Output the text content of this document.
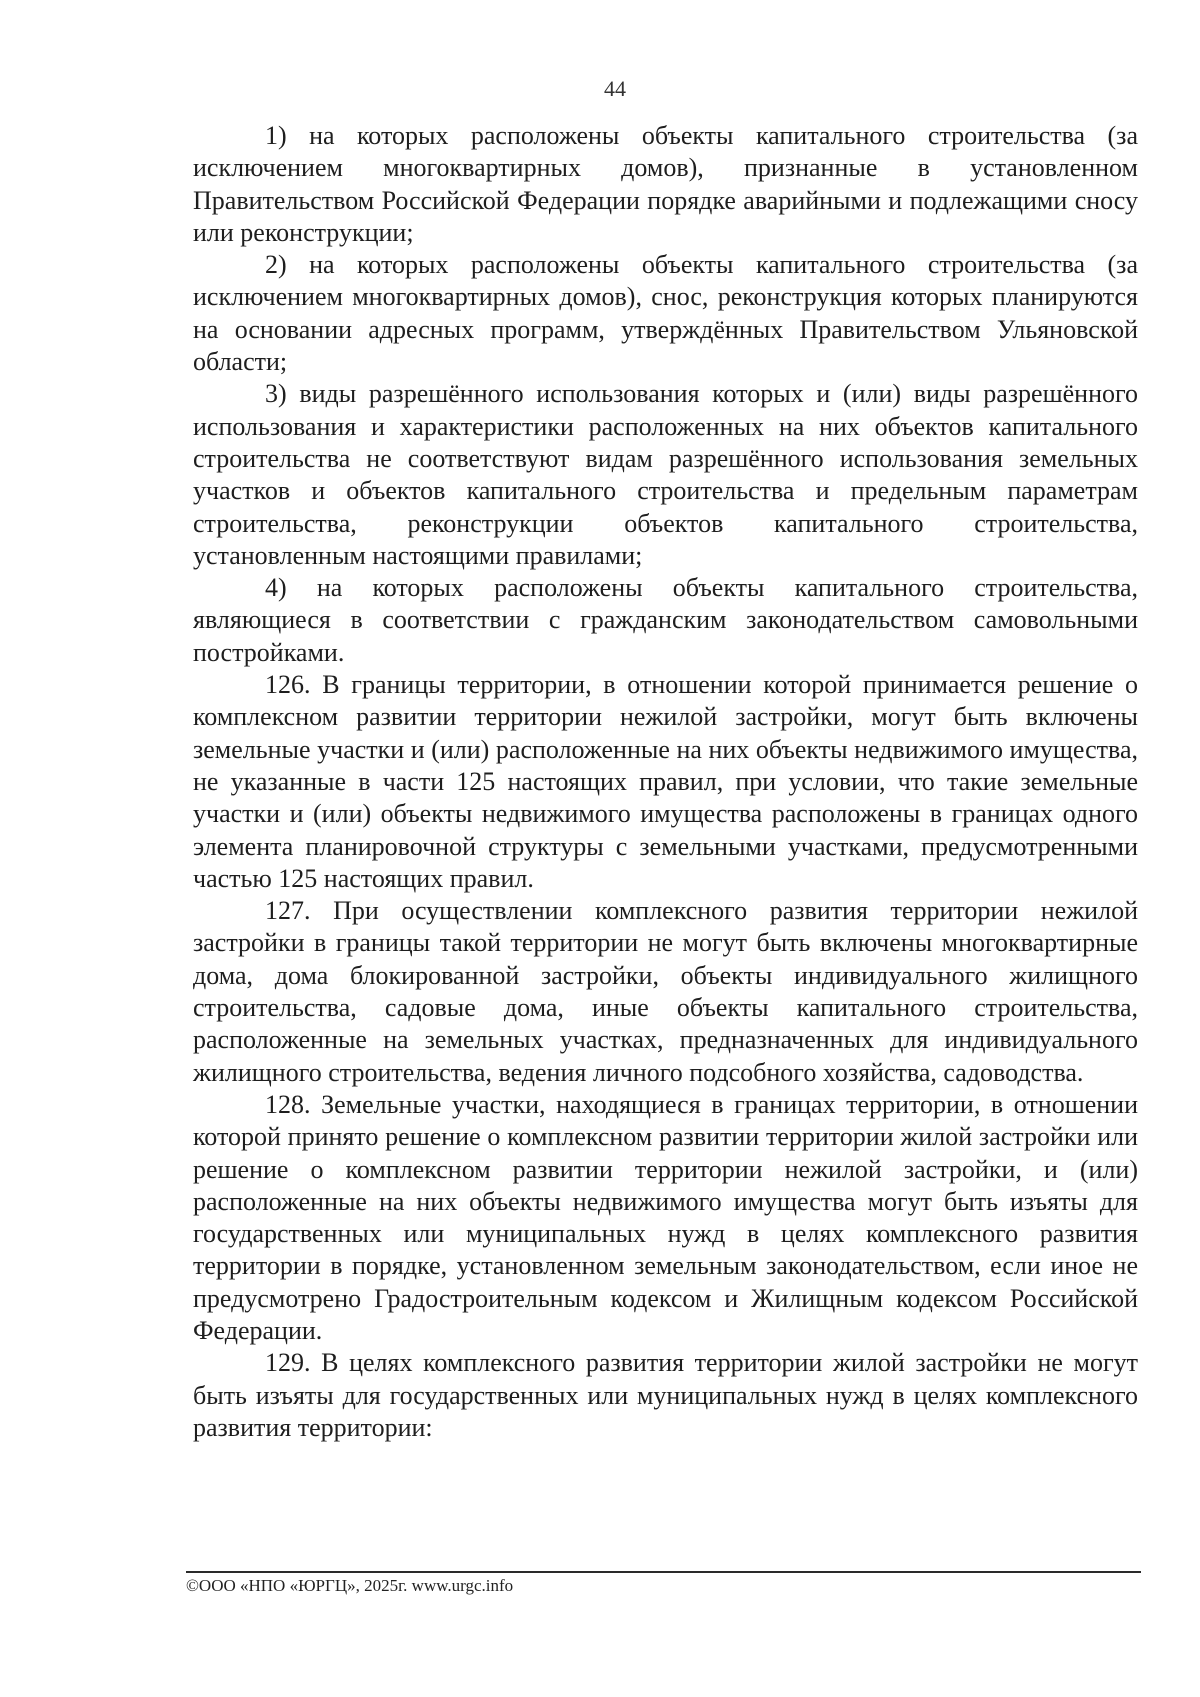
44

1) на которых расположены объекты капитального строительства (за исключением многоквартирных домов), признанные в установленном Правительством Российской Федерации порядке аварийными и подлежащими сносу или реконструкции;

2) на которых расположены объекты капитального строительства (за исключением многоквартирных домов), снос, реконструкция которых планируются на основании адресных программ, утверждённых Правительством Ульяновской области;

3) виды разрешённого использования которых и (или) виды разрешённого использования и характеристики расположенных на них объектов капитального строительства не соответствуют видам разрешённого использования земельных участков и объектов капитального строительства и предельным параметрам строительства, реконструкции объектов капитального строительства, установленным настоящими правилами;

4) на которых расположены объекты капитального строительства, являющиеся в соответствии с гражданским законодательством самовольными постройками.

126. В границы территории, в отношении которой принимается решение о комплексном развитии территории нежилой застройки, могут быть включены земельные участки и (или) расположенные на них объекты недвижимого имущества, не указанные в части 125 настоящих правил, при условии, что такие земельные участки и (или) объекты недвижимого имущества расположены в границах одного элемента планировочной структуры с земельными участками, предусмотренными частью 125 настоящих правил.

127. При осуществлении комплексного развития территории нежилой застройки в границы такой территории не могут быть включены многоквартирные дома, дома блокированной застройки, объекты индивидуального жилищного строительства, садовые дома, иные объекты капитального строительства, расположенные на земельных участках, предназначенных для индивидуального жилищного строительства, ведения личного подсобного хозяйства, садоводства.

128. Земельные участки, находящиеся в границах территории, в отношении которой принято решение о комплексном развитии территории жилой застройки или решение о комплексном развитии территории нежилой застройки, и (или) расположенные на них объекты недвижимого имущества могут быть изъяты для государственных или муниципальных нужд в целях комплексного развития территории в порядке, установленном земельным законодательством, если иное не предусмотрено Градостроительным кодексом и Жилищным кодексом Российской Федерации.

129. В целях комплексного развития территории жилой застройки не могут быть изъяты для государственных или муниципальных нужд в целях комплексного развития территории:

©ООО «НПО «ЮРГЦ», 2025г. www.urgc.info
